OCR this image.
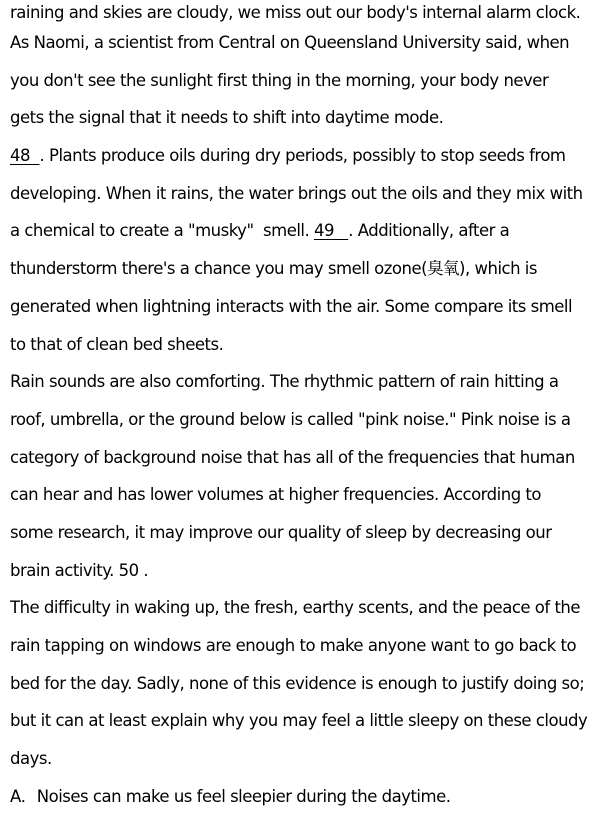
raining and skies are cloudy, we miss out our body's internal alarm clock.
As Naomi, a scientist from Central on Queensland University said, when
you don't see the sunlight first thing in the morning, your body never
gets the signal that it needs to shift into daytime mode.
48  . Plants produce oils during dry periods, possibly to stop seeds from
developing. When it rains, the water brings out the oils and they mix with
a chemical to create a "musky"  smell. 49   . Additionally, after a
thunderstorm there's a chance you may smell ozone(臭氧), which is
generated when lightning interacts with the air. Some compare its smell
to that of clean bed sheets.
Rain sounds are also comforting. The rhythmic pattern of rain hitting a
roof, umbrella, or the ground below is called "pink noise." Pink noise is a
category of background noise that has all of the frequencies that human
can hear and has lower volumes at higher frequencies. According to
some research, it may improve our quality of sleep by decreasing our
brain activity. 50 .
The difficulty in waking up, the fresh, earthy scents, and the peace of the
rain tapping on windows are enough to make anyone want to go back to
bed for the day. Sadly, none of this evidence is enough to justify doing so;
but it can at least explain why you may feel a little sleepy on these cloudy
days.
A．Noises can make us feel sleepier during the daytime.
